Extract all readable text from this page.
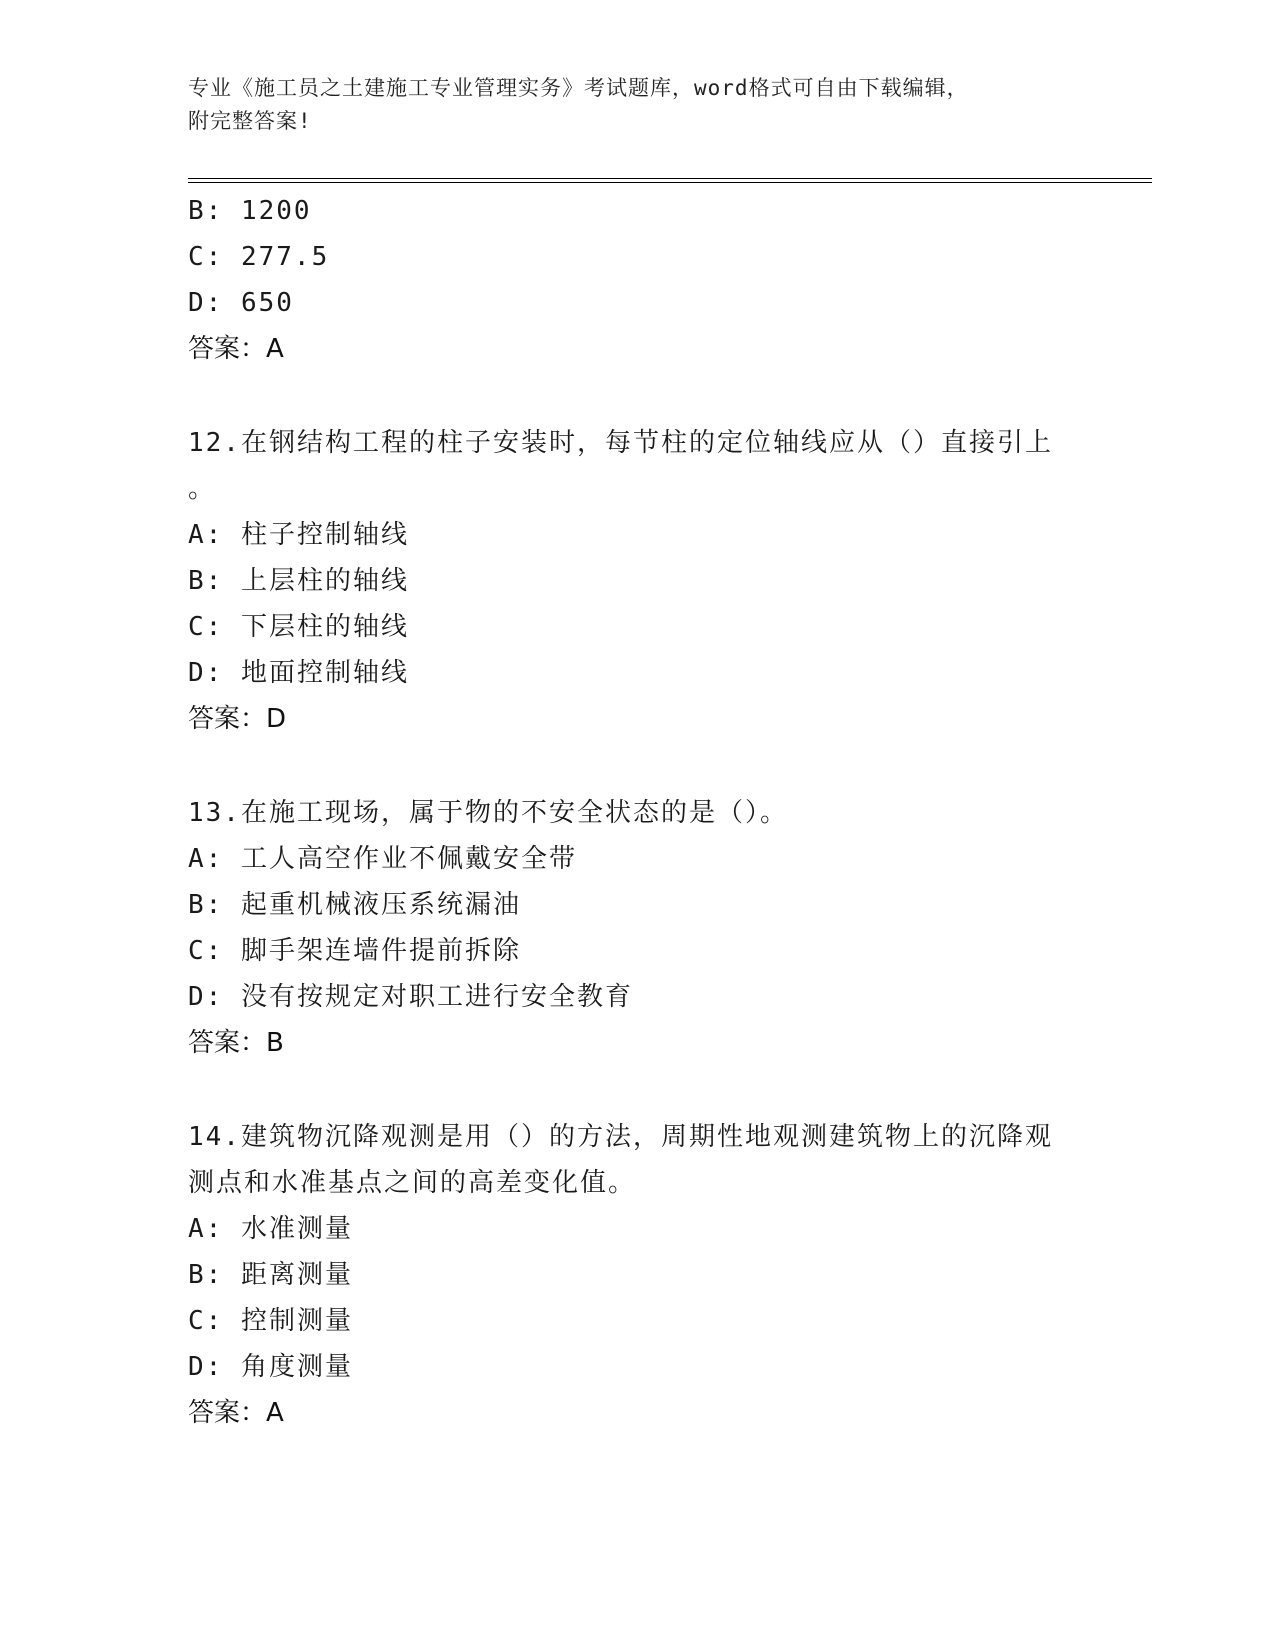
专业《施工员之土建施工专业管理实务》考试题库，word格式可自由下载编辑，
附完整答案!
B: 1200
C: 277.5
D: 650
答案：A
12.在钢结构工程的柱子安装时，每节柱的定位轴线应从（）直接引上
。
A: 柱子控制轴线
B: 上层柱的轴线
C: 下层柱的轴线
D: 地面控制轴线
答案：D
13.在施工现场，属于物的不安全状态的是（）。
A: 工人高空作业不佩戴安全带
B: 起重机械液压系统漏油
C: 脚手架连墙件提前拆除
D: 没有按规定对职工进行安全教育
答案：B
14.建筑物沉降观测是用（）的方法，周期性地观测建筑物上的沉降观
测点和水准基点之间的高差变化值。
A: 水准测量
B: 距离测量
C: 控制测量
D: 角度测量
答案：A
